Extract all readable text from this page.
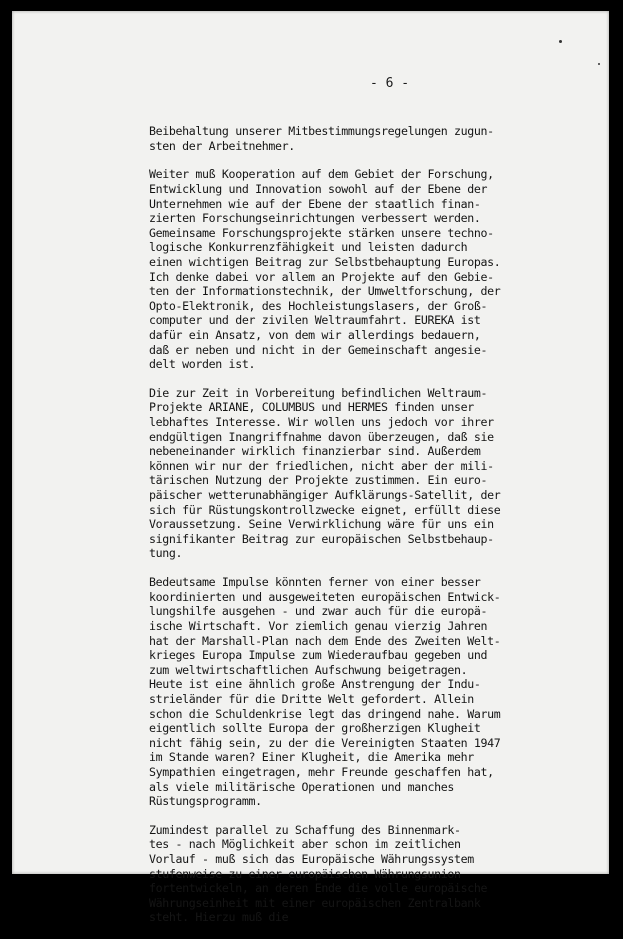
- 6 -
Beibehaltung unserer Mitbestimmungsregelungen zugun-
sten der Arbeitnehmer.
Weiter muß Kooperation auf dem Gebiet der Forschung,
Entwicklung und Innovation sowohl auf der Ebene der
Unternehmen wie auf der Ebene der staatlich finan-
zierten Forschungseinrichtungen verbessert werden.
Gemeinsame Forschungsprojekte stärken unsere techno-
logische Konkurrenzfähigkeit und leisten dadurch
einen wichtigen Beitrag zur Selbstbehauptung Europas.
Ich denke dabei vor allem an Projekte auf den Gebie-
ten der Informationstechnik, der Umweltforschung, der
Opto-Elektronik, des Hochleistungslasers, der Groß-
computer und der zivilen Weltraumfahrt. EUREKA ist
dafür ein Ansatz, von dem wir allerdings bedauern,
daß er neben und nicht in der Gemeinschaft angesie-
delt worden ist.
Die zur Zeit in Vorbereitung befindlichen Weltraum-
Projekte ARIANE, COLUMBUS und HERMES finden unser
lebhaftes Interesse. Wir wollen uns jedoch vor ihrer
endgültigen Inangriffnahme davon überzeugen, daß sie
nebeneinander wirklich finanzierbar sind. Außerdem
können wir nur der friedlichen, nicht aber der mili-
tärischen Nutzung der Projekte zustimmen. Ein euro-
päischer wetterunabhängiger Aufklärungs-Satellit, der
sich für Rüstungskontrollzwecke eignet, erfüllt diese
Voraussetzung. Seine Verwirklichung wäre für uns ein
signifikanter Beitrag zur europäischen Selbstbehaup-
tung.
Bedeutsame Impulse könnten ferner von einer besser
koordinierten und ausgeweiteten europäischen Entwick-
lungshilfe ausgehen - und zwar auch für die europä-
ische Wirtschaft. Vor ziemlich genau vierzig Jahren
hat der Marshall-Plan nach dem Ende des Zweiten Welt-
krieges Europa Impulse zum Wiederaufbau gegeben und
zum weltwirtschaftlichen Aufschwung beigetragen.
Heute ist eine ähnlich große Anstrengung der Indu-
strieländer für die Dritte Welt gefordert. Allein
schon die Schuldenkrise legt das dringend nahe. Warum
eigentlich sollte Europa der großherzigen Klugheit
nicht fähig sein, zu der die Vereinigten Staaten 1947
im Stande waren? Einer Klugheit, die Amerika mehr
Sympathien eingetragen, mehr Freunde geschaffen hat,
als viele militärische Operationen und manches
Rüstungsprogramm.
Zumindest parallel zu Schaffung des Binnenmark-
tes - nach Möglichkeit aber schon im zeitlichen
Vorlauf - muß sich das Europäische Währungssystem
stufenweise zu einer europäischen Währungsunion
fortentwickeln, an deren Ende die volle europäische
Währungseinheit mit einer europäischen Zentralbank
steht. Hierzu muß die
